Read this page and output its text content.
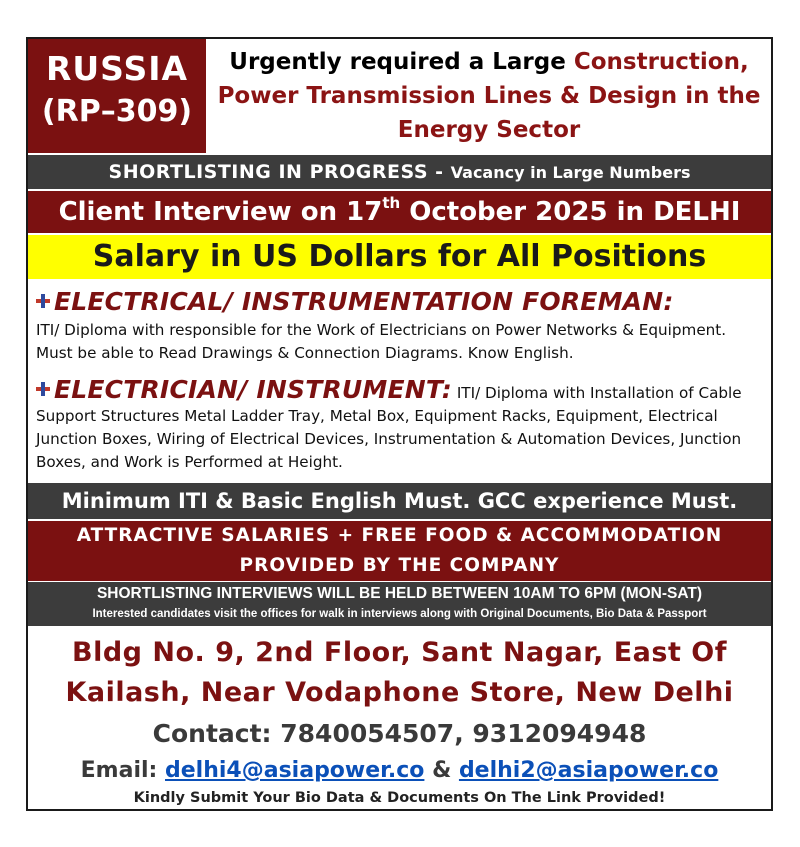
RUSSIA
(RP–309)
Urgently required a Large Construction, Power Transmission Lines & Design in the Energy Sector
SHORTLISTING IN PROGRESS - Vacancy in Large Numbers
Client Interview on 17th October 2025 in DELHI
Salary in US Dollars for All Positions
ELECTRICAL/ INSTRUMENTATION FOREMAN:
ITI/ Diploma with responsible for the Work of Electricians on Power Networks & Equipment. Must be able to Read Drawings & Connection Diagrams. Know English.
ELECTRICIAN/ INSTRUMENT: ITI/ Diploma with Installation of Cable Support Structures Metal Ladder Tray, Metal Box, Equipment Racks, Equipment, Electrical Junction Boxes, Wiring of Electrical Devices, Instrumentation & Automation Devices, Junction Boxes, and Work is Performed at Height.
Minimum ITI & Basic English Must. GCC experience Must.
ATTRACTIVE SALARIES + FREE FOOD & ACCOMMODATION
PROVIDED BY THE COMPANY
SHORTLISTING INTERVIEWS WILL BE HELD BETWEEN 10AM TO 6PM (MON-SAT)
Interested candidates visit the offices for walk in interviews along with Original Documents, Bio Data & Passport
Bldg No. 9, 2nd Floor, Sant Nagar, East Of
Kailash, Near Vodaphone Store, New Delhi
Contact: 7840054507, 9312094948
Email: delhi4@asiapower.co & delhi2@asiapower.co
Kindly Submit Your Bio Data & Documents On The Link Provided!
